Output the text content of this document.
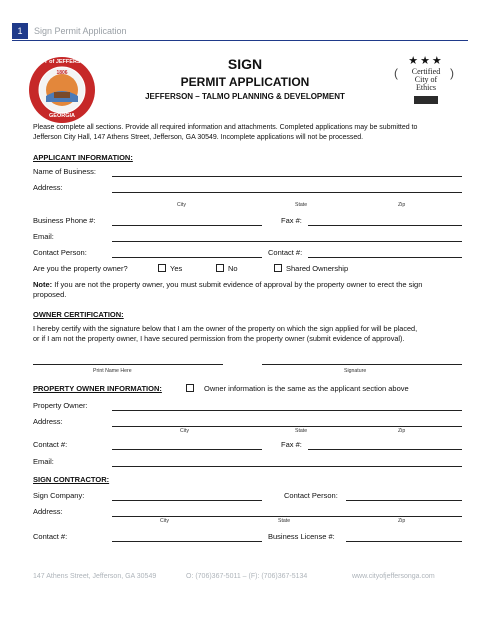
1	Sign Permit Application
CITY of JEFFERSON
1806
GEORGIA
SIGN
PERMIT APPLICATION
JEFFERSON – TALMO PLANNING & DEVELOPMENT
★★★
Certified
City of
Ethics
(	)
Please complete all sections. Provide all required information and attachments. Completed applications may be submitted to
Jefferson City Hall, 147 Athens Street, Jefferson, GA 30549. Incomplete applications will not be processed.
APPLICANT INFORMATION:
Name of Business:
Address:
City	State	Zip
Business Phone #:	Fax #:
Email:
Contact Person:	Contact #:
Are you the property owner?	Yes	No	Shared Ownership
Note: If you are not the property owner, you must submit evidence of approval by the property owner to erect the sign
proposed.
OWNER CERTIFICATION:
I hereby certify with the signature below that I am the owner of the property on which the sign applied for will be placed,
or if I am not the property owner, I have secured permission from the property owner (submit evidence of approval).
Print Name Here	Signature
PROPERTY OWNER INFORMATION:	Owner information is the same as the applicant section above
Property Owner:
Address:
City	State	Zip
Contact #:	Fax #:
Email:
SIGN CONTRACTOR:
Sign Company:	Contact Person:
Address:
City	State	Zip
Contact #:	Business License #:
147 Athens Street, Jefferson, GA 30549	O: (706)367-5011 – (F): (706)367-5134	www.cityofjeffersonga.com
